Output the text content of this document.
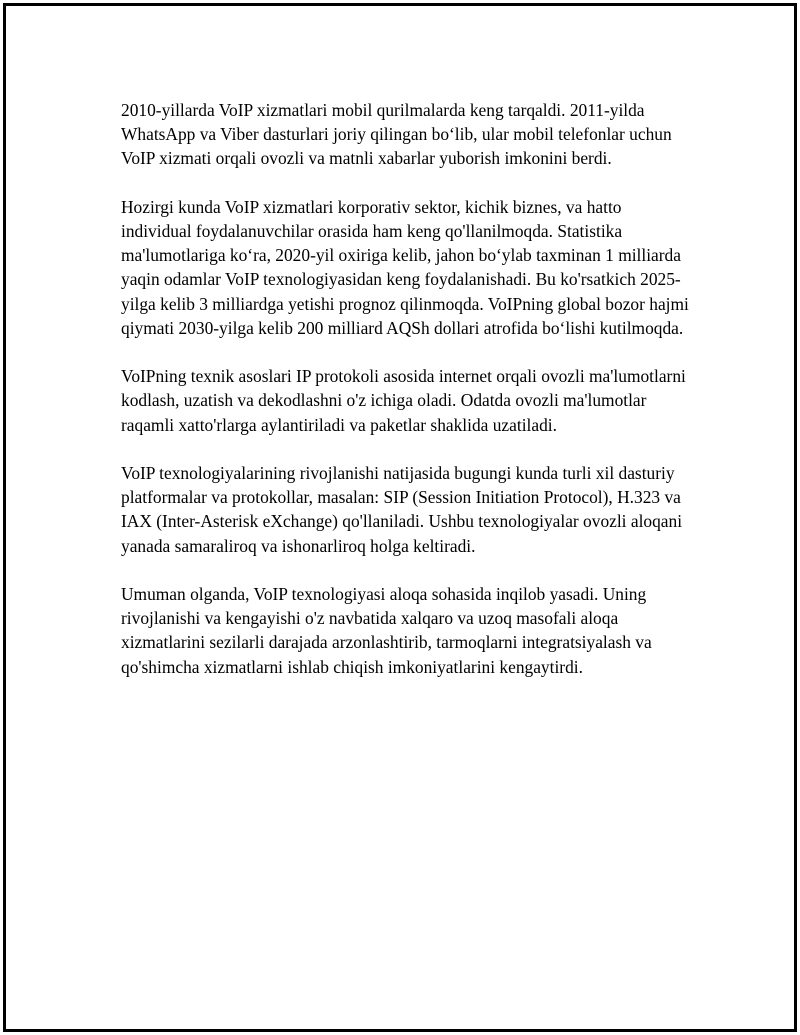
2010-yillarda VoIP xizmatlari mobil qurilmalarda keng tarqaldi. 2011-yilda WhatsApp va Viber dasturlari joriy qilingan bo‘lib, ular mobil telefonlar uchun VoIP xizmati orqali ovozli va matnli xabarlar yuborish imkonini berdi.

Hozirgi kunda VoIP xizmatlari korporativ sektor, kichik biznes, va hatto individual foydalanuvchilar orasida ham keng qo'llanilmoqda. Statistika ma'lumotlariga ko‘ra, 2020-yil oxiriga kelib, jahon bo‘ylab taxminan 1 milliarda yaqin odamlar VoIP texnologiyasidan keng foydalanishadi. Bu ko'rsatkich 2025-yilga kelib 3 milliardga yetishi prognoz qilinmoqda. VoIPning global bozor hajmi qiymati 2030-yilga kelib 200 milliard AQSh dollari atrofida bo‘lishi kutilmoqda.

VoIPning texnik asoslari IP protokoli asosida internet orqali ovozli ma'lumotlarni kodlash, uzatish va dekodlashni o'z ichiga oladi. Odatda ovozli ma'lumotlar raqamli xatto'rlarga aylantiriladi va paketlar shaklida uzatiladi.

VoIP texnologiyalarining rivojlanishi natijasida bugungi kunda turli xil dasturiy platformalar va protokollar, masalan: SIP (Session Initiation Protocol), H.323 va IAX (Inter-Asterisk eXchange) qo'llaniladi. Ushbu texnologiyalar ovozli aloqani yanada samaraliroq va ishonarliroq holga keltiradi.

Umuman olganda, VoIP texnologiyasi aloqa sohasida inqilob yasadi. Uning rivojlanishi va kengayishi o'z navbatida xalqaro va uzoq masofali aloqa xizmatlarini sezilarli darajada arzonlashtirib, tarmoqlarni integratsiyalash va qo'shimcha xizmatlarni ishlab chiqish imkoniyatlarini kengaytirdi.
